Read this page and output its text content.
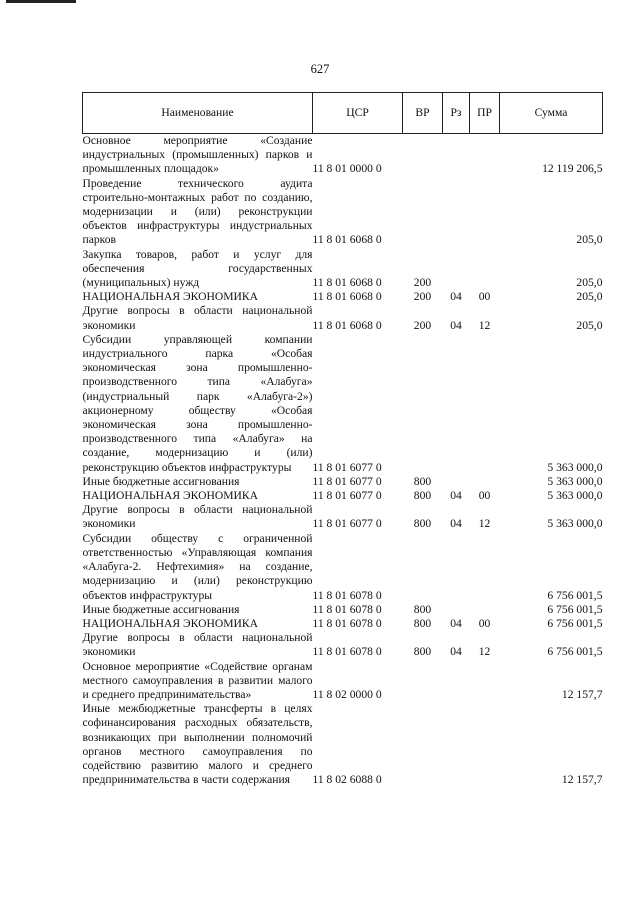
627
Наименование	ЦСР	ВР	Рз	ПР	Сумма
Основное мероприятие «Создание индустриальных (промышленных) парков и промышленных площадок»	11 8 01 0000 0				12 119 206,5
Проведение технического аудита строительно-монтажных работ по созданию, модернизации и (или) реконструкции объектов инфраструктуры индустриальных парков	11 8 01 6068 0				205,0
Закупка товаров, работ и услуг для обеспечения государственных (муниципальных) нужд	11 8 01 6068 0	200			205,0
НАЦИОНАЛЬНАЯ ЭКОНОМИКА	11 8 01 6068 0	200	04	00	205,0
Другие вопросы в области национальной экономики	11 8 01 6068 0	200	04	12	205,0
Субсидии управляющей компании индустриального парка «Особая экономическая зона промышленно-производственного типа «Алабуга» (индустриальный парк «Алабуга-2») акционерному обществу «Особая экономическая зона промышленно-производственного типа «Алабуга» на создание, модернизацию и (или) реконструкцию объектов инфраструктуры	11 8 01 6077 0				5 363 000,0
Иные бюджетные ассигнования	11 8 01 6077 0	800			5 363 000,0
НАЦИОНАЛЬНАЯ ЭКОНОМИКА	11 8 01 6077 0	800	04	00	5 363 000,0
Другие вопросы в области национальной экономики	11 8 01 6077 0	800	04	12	5 363 000,0
Субсидии обществу с ограниченной ответственностью «Управляющая компания «Алабуга-2. Нефтехимия» на создание, модернизацию и (или) реконструкцию объектов инфраструктуры	11 8 01 6078 0				6 756 001,5
Иные бюджетные ассигнования	11 8 01 6078 0	800			6 756 001,5
НАЦИОНАЛЬНАЯ ЭКОНОМИКА	11 8 01 6078 0	800	04	00	6 756 001,5
Другие вопросы в области национальной экономики	11 8 01 6078 0	800	04	12	6 756 001,5
Основное мероприятие «Содействие органам местного самоуправления в развитии малого и среднего предпринимательства»	11 8 02 0000 0				12 157,7
Иные межбюджетные трансферты в целях софинансирования расходных обязательств, возникающих при выполнении полномочий органов местного самоуправления по содействию развитию малого и среднего предпринимательства в части содержания	11 8 02 6088 0				12 157,7
